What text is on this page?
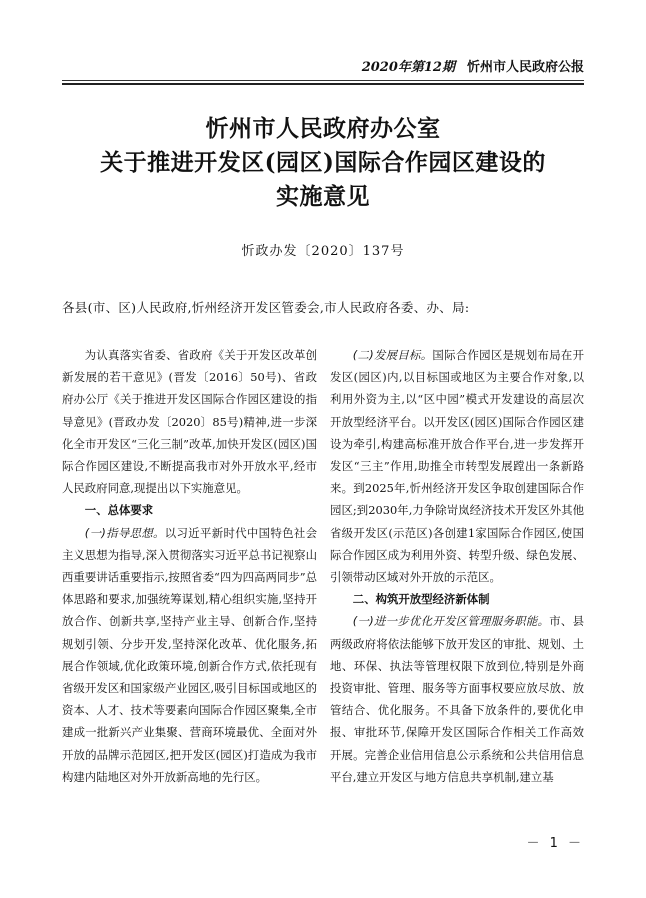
2020年第12期 忻州市人民政府公报
忻州市人民政府办公室
关于推进开发区(园区)国际合作园区建设的
实施意见
忻政办发〔2020〕137号
各县(市、区)人民政府,忻州经济开发区管委会,市人民政府各委、办、局:

为认真落实省委、省政府《关于开发区改革创新发展的若干意见》(晋发〔2016〕50号)、省政府办公厅《关于推进开发区国际合作园区建设的指导意见》(晋政办发〔2020〕85号)精神,进一步深化全市开发区“三化三制”改革,加快开发区(园区)国际合作园区建设,不断提高我市对外开放水平,经市人民政府同意,现提出以下实施意见。

一、总体要求

(一)指导思想。以习近平新时代中国特色社会主义思想为指导,深入贯彻落实习近平总书记视察山西重要讲话重要指示,按照省委“四为四高两同步”总体思路和要求,加强统筹谋划,精心组织实施,坚持开放合作、创新共享,坚持产业主导、创新合作,坚持规划引领、分步开发,坚持深化改革、优化服务,拓展合作领域,优化政策环境,创新合作方式,依托现有省级开发区和国家级产业园区,吸引目标国或地区的资本、人才、技术等要素向国际合作园区聚集,全市建成一批新兴产业集聚、营商环境最优、全面对外开放的品牌示范园区,把开发区(园区)打造成为我市构建内陆地区对外开放新高地的先行区。

(二)发展目标。国际合作园区是规划布局在开发区(园区)内,以目标国或地区为主要合作对象,以利用外资为主,以“区中园”模式开发建设的高层次开放型经济平台。以开发区(园区)国际合作园区建设为牵引,构建高标准开放合作平台,进一步发挥开发区“三主”作用,助推全市转型发展蹚出一条新路来。到2025年,忻州经济开发区争取创建国际合作园区;到2030年,力争除岢岚经济技术开发区外其他省级开发区(示范区)各创建1家国际合作园区,使国际合作园区成为利用外资、转型升级、绿色发展、引领带动区域对外开放的示范区。

二、构筑开放型经济新体制

(一)进一步优化开发区管理服务职能。市、县两级政府将依法能够下放开发区的审批、规划、土地、环保、执法等管理权限下放到位,特别是外商投资审批、管理、服务等方面事权要应放尽放、放管结合、优化服务。不具备下放条件的,要优化申报、审批环节,保障开发区国际合作相关工作高效开展。完善企业信用信息公示系统和公共信用信息平台,建立开发区与地方信息共享机制,建立基

－ 1 －
